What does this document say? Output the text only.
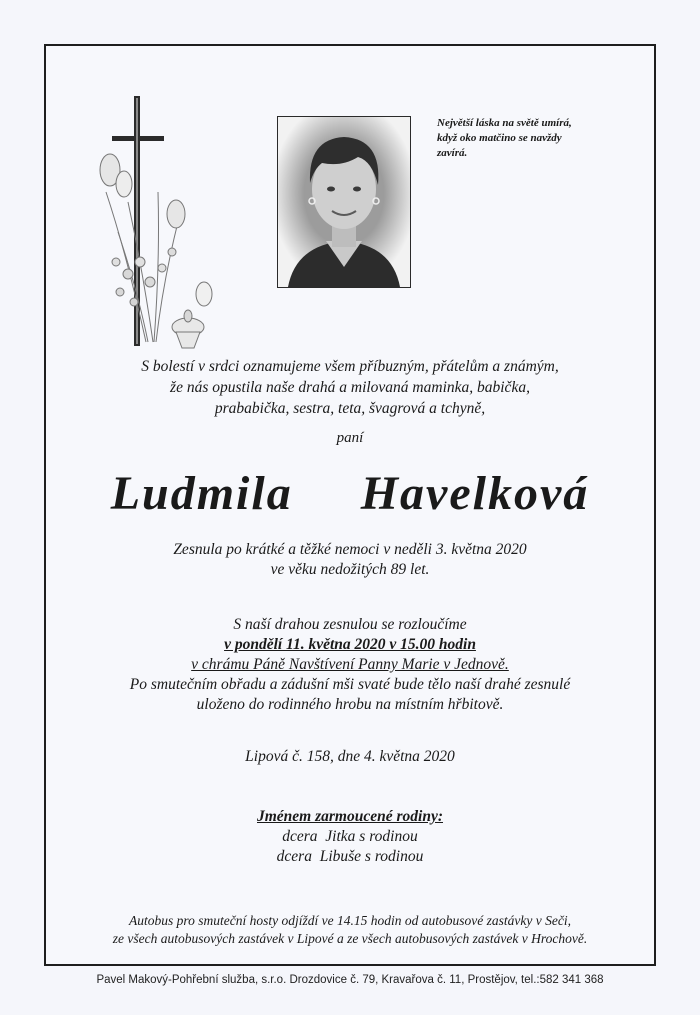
Největší láska na světě umírá,
když oko matčino se navždy
zavírá.
S bolestí v srdci oznamujeme všem příbuzným, přátelům a známým,
že nás opustila naše drahá a milovaná maminka, babička,
prababička, sestra, teta, švagrová a tchyně,
paní
Ludmila  Havelková
Zesnula po krátké a těžké nemoci v neděli 3. května 2020
ve věku nedožitých 89 let.
S naší drahou zesnulou se rozloučíme
v pondělí 11. května 2020 v 15.00 hodin
v chrámu Páně Navštívení Panny Marie v Jednově.
Po smutečním obřadu a zádušní mši svaté bude tělo naší drahé zesnulé
uloženo do rodinného hrobu na místním hřbitově.
Lipová č. 158, dne 4. května 2020
Jménem zarmoucené rodiny:
dcera  Jitka s rodinou
dcera  Libuše s rodinou
Autobus pro smuteční hosty odjíždí ve 14.15 hodin od autobusové zastávky v Seči,
ze všech autobusových zastávek v Lipové a ze všech autobusových zastávek v Hrochově.
Pavel Makový-Pohřební služba, s.r.o. Drozdovice č. 79, Kravařova č. 11, Prostějov, tel.:582 341 368
